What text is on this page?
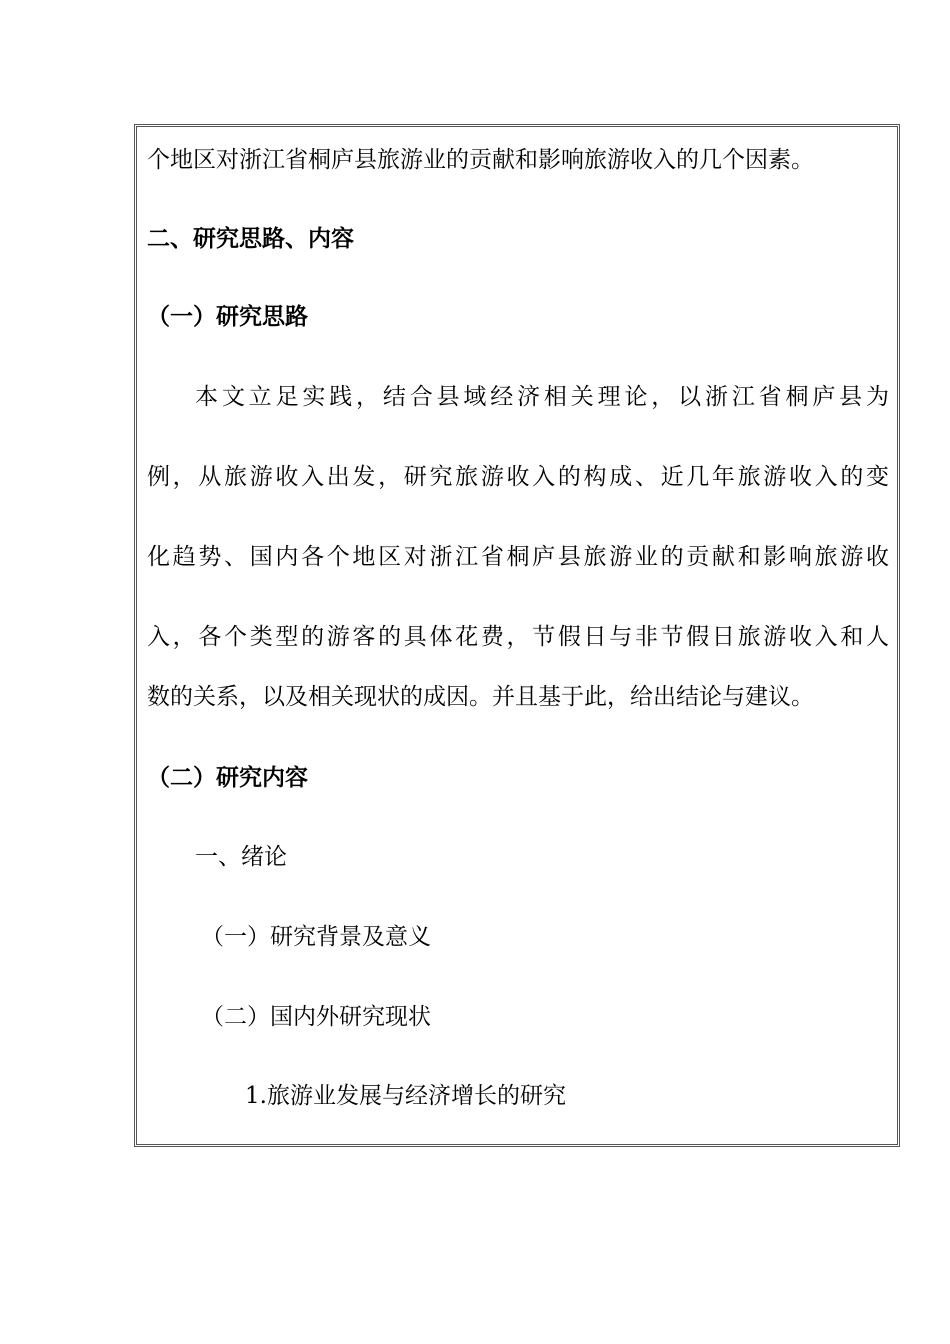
个地区对浙江省桐庐县旅游业的贡献和影响旅游收入的几个因素。
二、研究思路、内容
（一）研究思路
本文立足实践，结合县域经济相关理论，以浙江省桐庐县为
例，从旅游收入出发，研究旅游收入的构成、近几年旅游收入的变
化趋势、国内各个地区对浙江省桐庐县旅游业的贡献和影响旅游收
入，各个类型的游客的具体花费，节假日与非节假日旅游收入和人
数的关系，以及相关现状的成因。并且基于此，给出结论与建议。
（二）研究内容
一、绪论
（一）研究背景及意义
（二）国内外研究现状
1.旅游业发展与经济增长的研究
